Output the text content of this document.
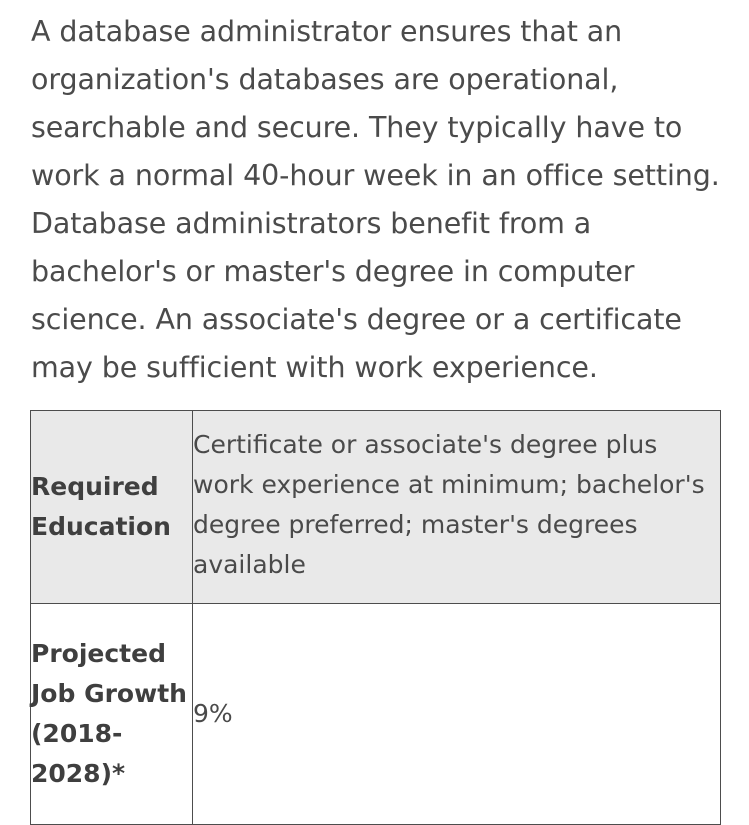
A database administrator ensures that an organization's databases are operational, searchable and secure. They typically have to work a normal 40-hour week in an office setting. Database administrators benefit from a bachelor's or master's degree in computer science. An associate's degree or a certificate may be sufficient with work experience.

Required Education	Certificate or associate's degree plus work experience at minimum; bachelor's degree preferred; master's degrees available
Projected Job Growth (2018-2028)*	9%
